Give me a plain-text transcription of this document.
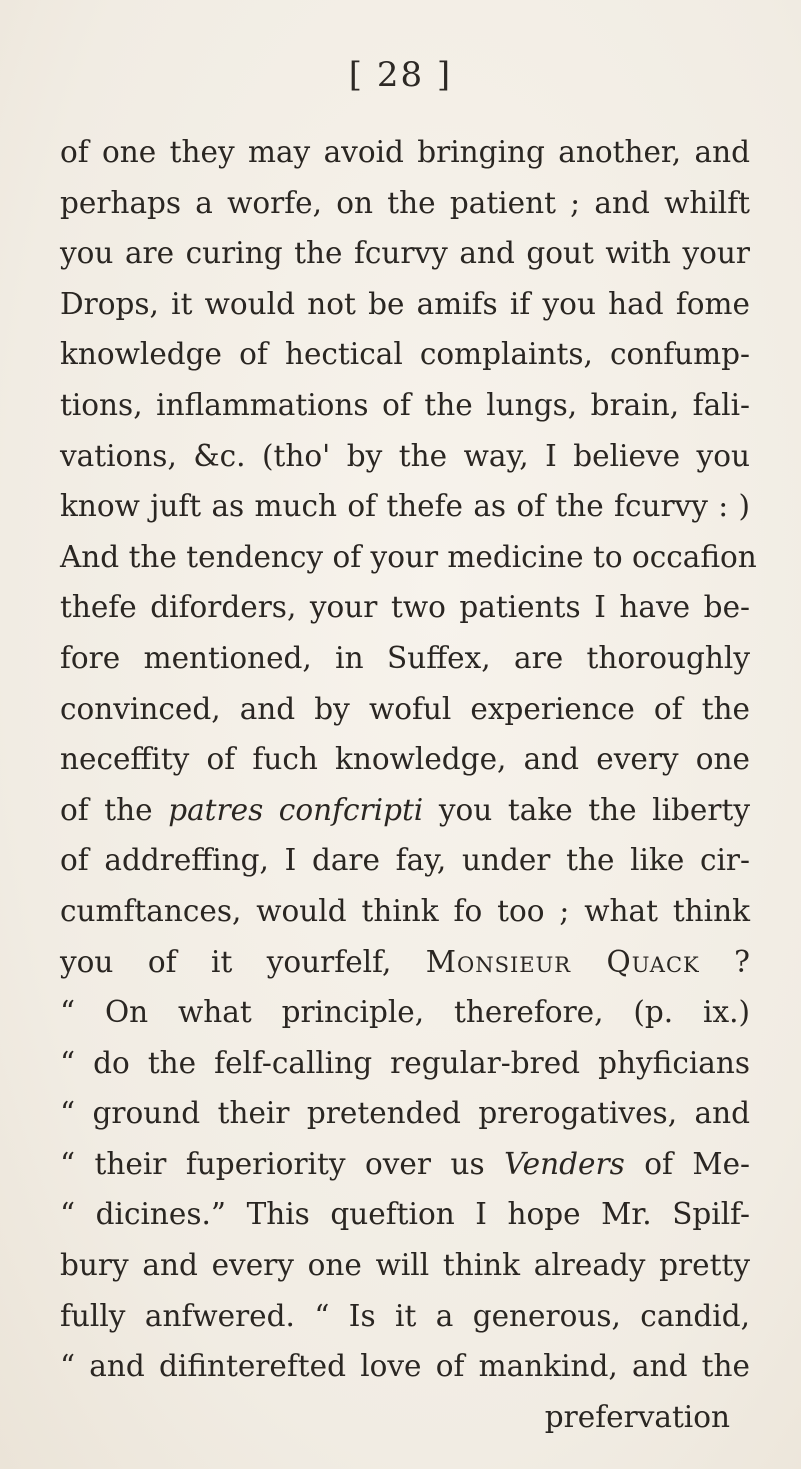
[ 28 ]
of one they may avoid bringing another, and
perhaps a worfe, on the patient ; and whilft
you are curing the fcurvy and gout with your
Drops, it would not be amifs if you had fome
knowledge of hectical complaints, confump-
tions, inflammations of the lungs, brain, fali-
vations, &c. (tho' by the way, I believe you
know juft as much of thefe as of the fcurvy : )
And the tendency of your medicine to occafion
thefe diforders, your two patients I have be-
fore mentioned, in Suffex, are thoroughly
convinced, and by woful experience of the
neceffity of fuch knowledge, and every one
of the patres confcripti you take the liberty
of addreffing, I dare fay, under the like cir-
cumftances, would think fo too ; what think
you of it yourfelf, Monsieur Quack ?
“ On what principle, therefore, (p. ix.)
“ do the felf-calling regular-bred phyficians
“ ground their pretended prerogatives, and
“ their fuperiority over us Venders of Me-
“ dicines.” This queftion I hope Mr. Spilf-
bury and every one will think already pretty
fully anfwered. “ Is it a generous, candid,
“ and difinterefted love of mankind, and the
prefervation
